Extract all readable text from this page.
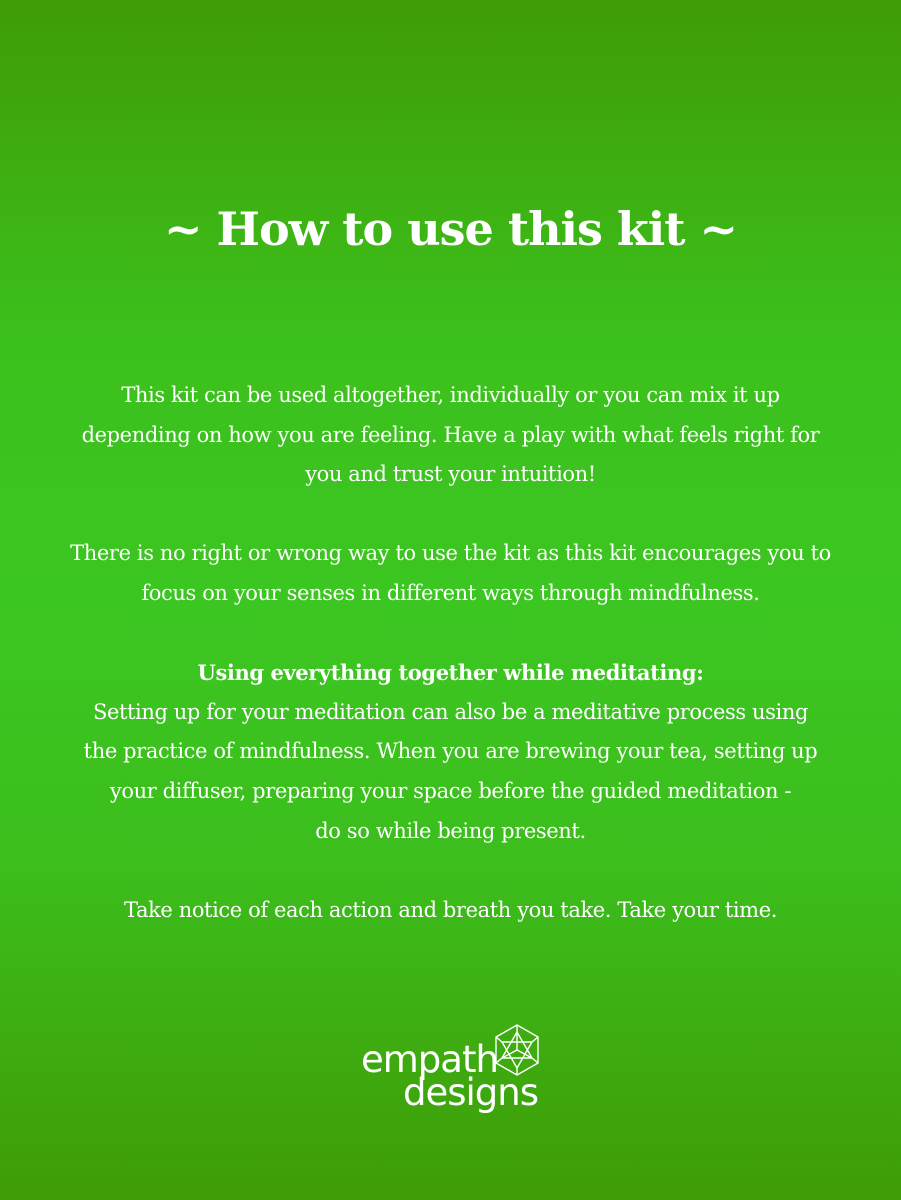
~ How to use this kit ~

This kit can be used altogether, individually or you can mix it up

depending on how you are feeling. Have a play with what feels right for

you and trust your intuition!

There is no right or wrong way to use the kit as this kit encourages you to

focus on your senses in different ways through mindfulness.

Using everything together while meditating:

Setting up for your meditation can also be a meditative process using

the practice of mindfulness. When you are brewing your tea, setting up

your diffuser, preparing your space before the guided meditation -

do so while being present.

Take notice of each action and breath you take. Take your time.

empath
designs
